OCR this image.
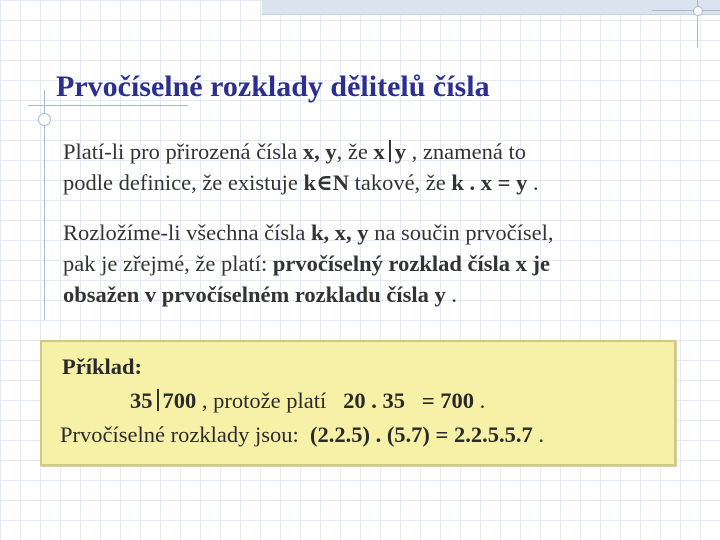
Prvočíselné rozklady dělitelů čísla
Platí-li pro přirozená čísla x, y, že x y , znamená to
podle definice, že existuje k∈N takové, že k . x = y .
Rozložíme-li všechna čísla k, x, y na součin prvočísel,
pak je zřejmé, že platí: prvočíselný rozklad čísla x je
obsažen v prvočíselném rozkladu čísla y .
Příklad:
35 700 , protože platí   20 . 35   = 700 .
Prvočíselné rozklady jsou:  (2.2.5) . (5.7) = 2.2.5.5.7 .
